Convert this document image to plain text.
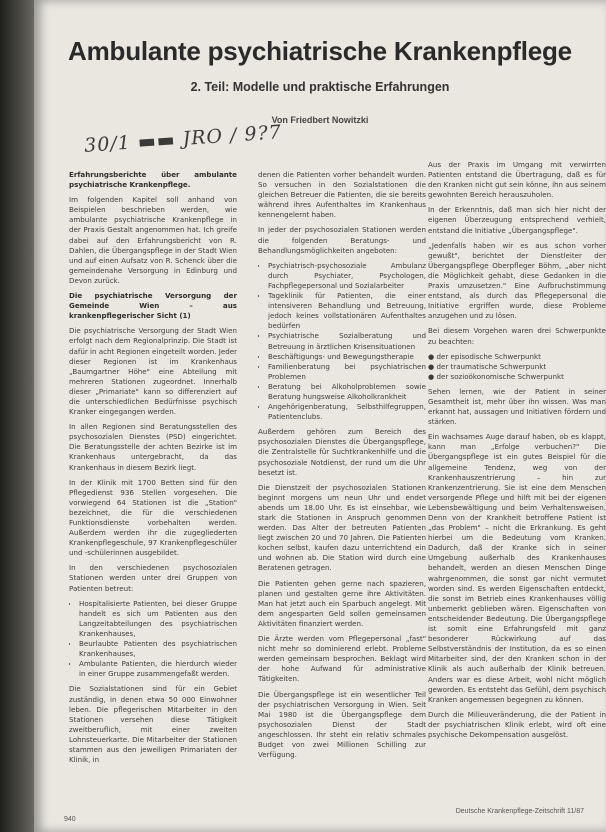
Ambulante psychiatrische Krankenpflege
2. Teil: Modelle und praktische Erfahrungen
Von Friedbert Nowitzki
30/1 ▬▬ JRO / 9?7

Erfahrungsberichte über ambulante psychiatrische Krankenpflege.

Im folgenden Kapitel soll anhand von Beispielen beschrieben werden, wie ambulante psychiatrische Krankenpflege in der Praxis Gestalt angenommen hat. Ich greife dabei auf den Erfahrungsbericht von R. Dahlen, die Übergangspflege in der Stadt Wien und auf einen Aufsatz von R. Schenck über die gemeindenahe Versorgung in Edinburg und Devon zurück.

Die psychiatrische Versorgung der Gemeinde Wien – aus krankenpflegerischer Sicht (1)

Die psychiatrische Versorgung der Stadt Wien erfolgt nach dem Regionalprinzip. Die Stadt ist dafür in acht Regionen eingeteilt worden. Jeder dieser Regionen ist im Krankenhaus „Baumgartner Höhe" eine Abteilung mit mehreren Stationen zugeordnet. Innerhalb dieser „Primariate" kann so differenziert auf die unterschiedlichen Bedürfnisse psychisch Kranker eingegangen werden.

In allen Regionen sind Beratungsstellen des psychosozialen Dienstes (PSD) eingerichtet. Die Beratungsstelle der achten Bezirke ist im Krankenhaus untergebracht, da das Krankenhaus in diesem Bezirk liegt.

In der Klinik mit 1700 Betten sind für den Pflegedienst 936 Stellen vorgesehen. Die vorwiegend 64 Stationen ist die „Station" bezeichnet, die für die verschiedenen Funktionsdienste vorbehalten werden. Außerdem werden ihr die zugegliederten Krankenpflegeschule, 97 Krankenpflegeschüler und -schülerinnen ausgebildet.

In den verschiedenen psychosozialen Stationen werden unter drei Gruppen von Patienten betreut:

• Hospitalisierte Patienten, bei dieser Gruppe handelt es sich um Patienten aus den Langzeitabteilungen des psychiatrischen Krankenhauses,
• Beurlaubte Patienten des psychiatrischen Krankenhauses,
• Ambulante Patienten, die hierdurch wieder in einer Gruppe zusammengefaßt werden.

Die Sozialstationen sind für ein Gebiet zuständig, in denen etwa 50 000 Einwohner leben. Die pflegerischen Mitarbeiter in den Stationen versehen diese Tätigkeit zweitberuflich, mit einer zweiten Lohnsteuerkarte. Die Mitarbeiter der Stationen stammen aus den jeweiligen Primariaten der Klinik, in

denen die Patienten vorher behandelt wurden. So versuchen in den Sozialstationen die gleichen Betreuer die Patienten, die sie bereits während ihres Aufenthaltes im Krankenhaus kennengelernt haben.

In jeder der psychosozialen Stationen werden die folgenden Beratungs- und Behandlungsmöglichkeiten angeboten:

• Psychiatrisch-psychosoziale Ambulanz durch Psychiater, Psychologen, Fachpflegepersonal und Sozialarbeiter
• Tageklinik für Patienten, die einer intensiveren Behandlung und Betreuung, jedoch keines vollstationären Aufenthaltes bedürfen
• Psychiatrische Sozialberatung und Betreuung in ärztlichen Krisensituationen
• Beschäftigungs- und Bewegungstherapie
• Familienberatung bei psychiatrischen Problemen
• Beratung bei Alkoholproblemen sowie Beratung hungsweise Alkoholkrankheit
• Angehörigenberatung, Selbsthilfegruppen, Patientenclubs.

Außerdem gehören zum Bereich des psychosozialen Dienstes die Übergangspflege, die Zentralstelle für Suchtkrankenhilfe und die psychosoziale Notdienst, der rund um die Uhr besetzt ist.

Die Dienstzeit der psychosozialen Stationen beginnt morgens um neun Uhr und endet abends um 18.00 Uhr. Es ist einsehbar, wie stark die Stationen in Anspruch genommen werden. Das Alter der betreuten Patienten liegt zwischen 20 und 70 Jahren. Die Patienten kochen selbst, kaufen dazu unterrichtend ein und wohnen ab. Die Station wird durch eine Beratenen getragen.

Die Patienten gehen gerne nach spazieren, planen und gestalten gerne ihre Aktivitäten. Man hat jetzt auch ein Sparbuch angelegt. Mit dem angesparten Geld sollen gemeinsamen Aktivitäten finanziert werden.

Die Ärzte werden vom Pflegepersonal „fast" nicht mehr so dominierend erlebt. Probleme werden gemeinsam besprochen. Beklagt wird der hohe Aufwand für administrative Tätigkeiten.

Die Übergangspflege ist ein wesentlicher Teil der psychiatrischen Versorgung in Wien. Seit Mai 1980 ist die Übergangspflege dem psychosozialen Dienst der Stadt angeschlossen. Ihr steht ein relativ schmales Budget von zwei Millionen Schilling zur Verfügung.

Aus der Praxis im Umgang mit verwirrten Patienten entstand die Übertragung, daß es für den Kranken nicht gut sein könne, ihn aus seinem gewohnten Bereich herauszuholen.

In der Erkenntnis, daß man sich hier nicht der eigenen Überzeugung entsprechend verhielt, entstand die Initiative „Übergangspflege".

„Jedenfalls haben wir es aus schon vorher gewußt", berichtet der Dienstleiter der Übergangspflege Oberpfleger Böhm, „aber nicht die Möglichkeit gehabt, diese Gedanken in die Praxis umzusetzen." Eine Aufbruchstimmung entstand, als durch das Pflegepersonal die Initiative ergriffen wurde, diese Probleme anzugehen und zu lösen.

Bei diesem Vorgehen waren drei Schwerpunkte zu beachten:

● der episodische Schwerpunkt

● der traumatische Schwerpunkt

● der sozioökonomische Schwerpunkt

Sehen lernen, wie der Patient in seiner Gesamtheit ist, mehr über ihn wissen. Was man erkannt hat, aussagen und Initiativen fördern und stärken.

Ein wachsames Auge darauf haben, ob es klappt, kann man „Erfolge verbuchen?" Die Übergangspflege ist ein gutes Beispiel für die allgemeine Tendenz, weg von der Krankenhauszentrierung – hin zur Krankenzentrierung. Sie ist eine dem Menschen versorgende Pflege und hilft mit bei der eigenen Lebensbewältigung und beim Verhaltensweisen. Denn von der Krankheit betroffene Patient ist „das Problem" – nicht die Erkrankung. Es geht hierbei um die Bedeutung vom Kranken. Dadurch, daß der Kranke sich in seiner Umgebung außerhalb des Krankenhauses behandelt, werden an diesen Menschen Dinge wahrgenommen, die sonst gar nicht vermutet worden sind. Es werden Eigenschaften entdeckt, die sonst im Betrieb eines Krankenhauses völlig unbemerkt geblieben wären. Eigenschaften von entscheidender Bedeutung. Die Übergangspflege ist somit eine Erfahrungsfeld mit ganz besonderer Rückwirkung auf das Selbstverständnis der Institution, da es so einen Mitarbeiter sind, der den Kranken schon in der Klinik als auch außerhalb der Klinik betreuen. Anders war es diese Arbeit, wohl nicht möglich geworden. Es entsteht das Gefühl, dem psychisch Kranken angemessen begegnen zu können.

Durch die Milieuveränderung, die der Patient in der psychiatrischen Klinik erlebt, wird oft eine psychische Dekompensation ausgelöst.

940
Deutsche Krankenpflege-Zeitschrift 11/87
